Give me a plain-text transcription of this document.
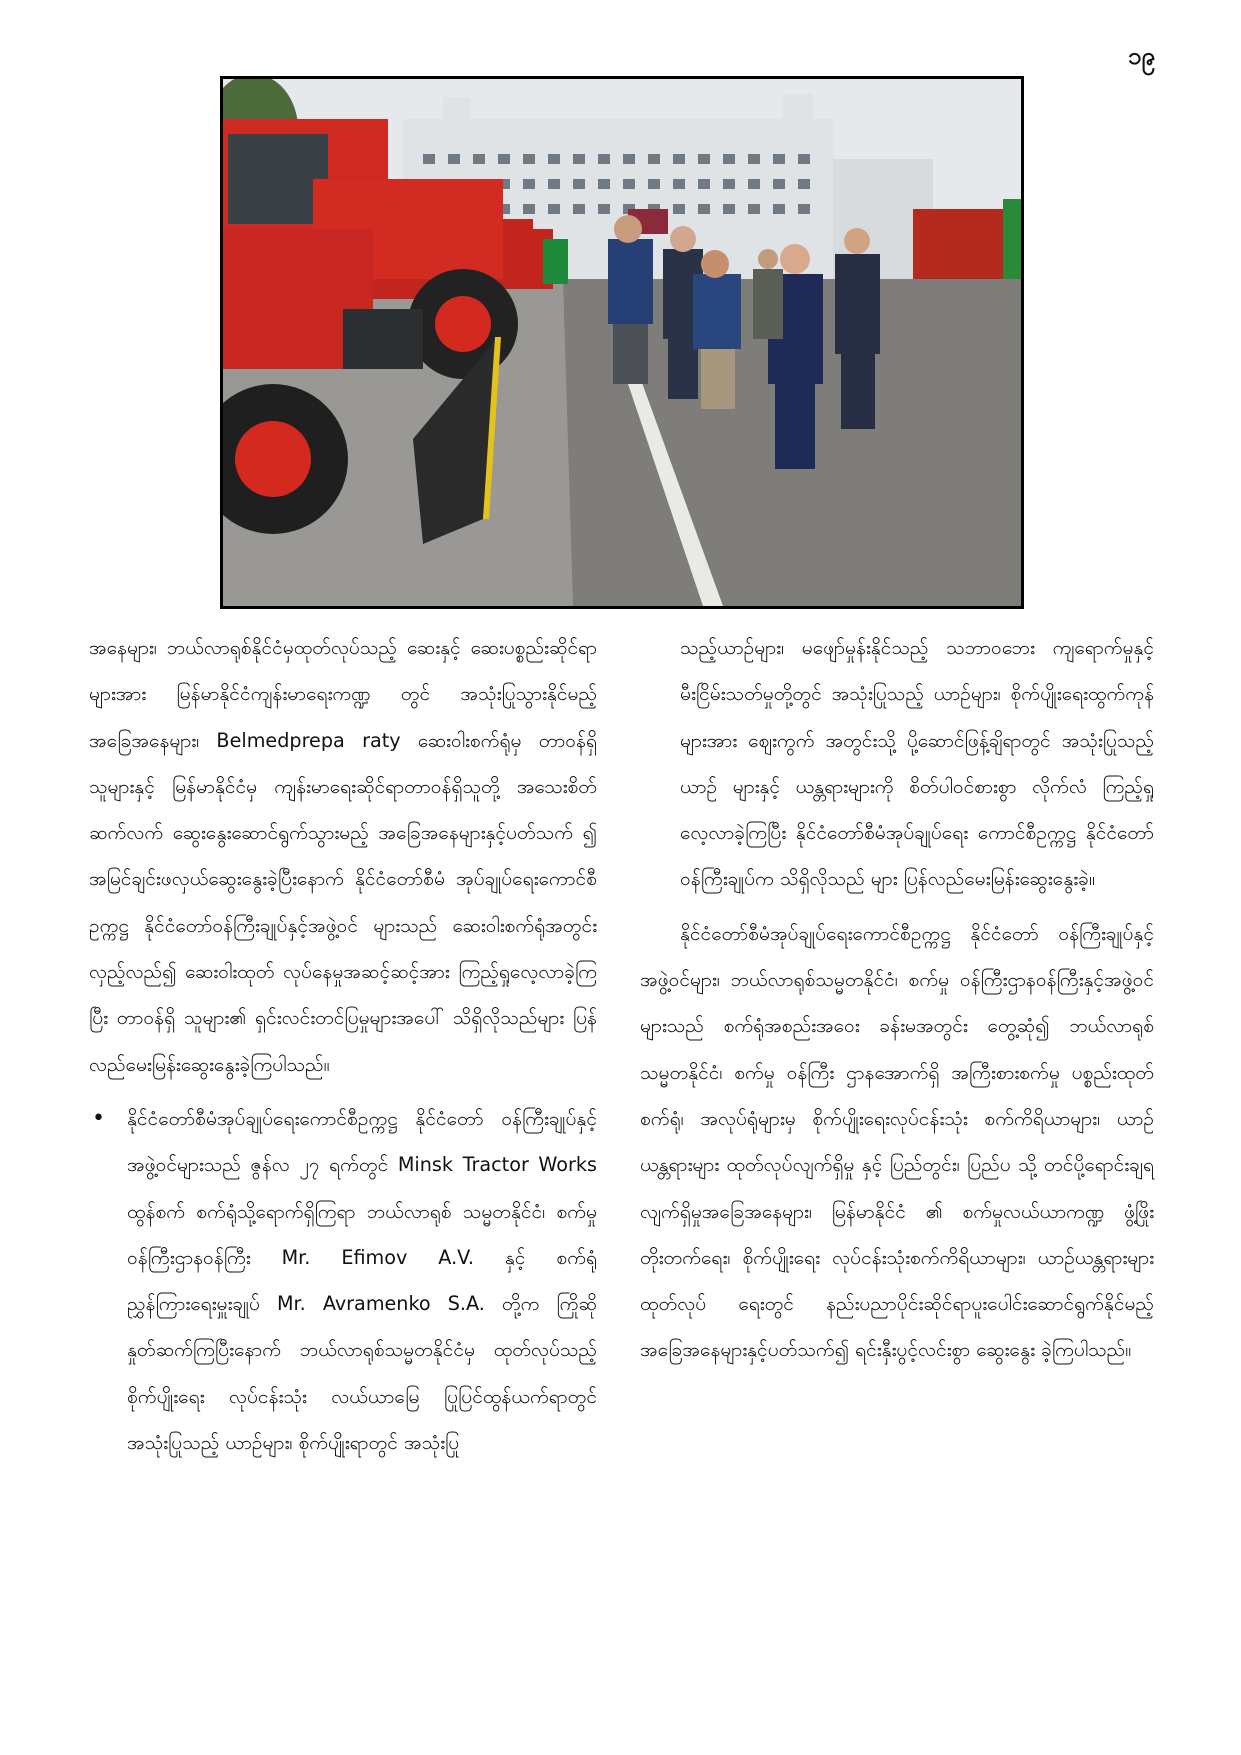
၁၉

အနေများ၊ ဘယ်လာရုစ်နိုင်ငံမှထုတ်လုပ်သည့် ဆေးနှင့် ဆေးပစ္စည်းဆိုင်ရာများအား မြန်မာနိုင်ငံကျန်းမာရေးကဏ္ဍ တွင် အသုံးပြုသွားနိုင်မည့်အခြေအနေများ၊ Belmedprepa raty ဆေးဝါးစက်ရုံမှ တာဝန်ရှိသူများနှင့် မြန်မာနိုင်ငံမှ ကျန်းမာရေးဆိုင်ရာတာဝန်ရှိသူတို့ အသေးစိတ်ဆက်လက် ဆွေးနွေးဆောင်ရွက်သွားမည့် အခြေအနေများနှင့်ပတ်သက် ၍ အမြင်ချင်းဖလှယ်ဆွေးနွေးခဲ့ပြီးနောက် နိုင်ငံတော်စီမံ အုပ်ချုပ်ရေးကောင်စီဥက္ကဋ္ဌ နိုင်ငံတော်ဝန်ကြီးချုပ်နှင့်အဖွဲ့ဝင် များသည် ဆေးဝါးစက်ရုံအတွင်း လှည့်လည်၍ ဆေးဝါးထုတ် လုပ်နေမှုအဆင့်ဆင့်အား ကြည့်ရှုလေ့လာခဲ့ကြပြီး တာဝန်ရှိ သူများ၏ ရှင်းလင်းတင်ပြမှုများအပေါ် သိရှိလိုသည်များ ပြန် လည်မေးမြန်းဆွေးနွေးခဲ့ကြပါသည်။

• နိုင်ငံတော်စီမံအုပ်ချုပ်ရေးကောင်စီဥက္ကဋ္ဌ နိုင်ငံတော် ဝန်ကြီးချုပ်နှင့်အဖွဲ့ဝင်များသည် ဇွန်လ ၂၇ ရက်တွင် Minsk Tractor Works ထွန်စက် စက်ရုံသို့ရောက်ရှိကြရာ ဘယ်လာရုစ် သမ္မတနိုင်ငံ၊ စက်မှုဝန်ကြီးဌာနဝန်ကြီး Mr. Efimov A.V. နှင့် စက်ရုံ ညွှန်ကြားရေးမှူးချုပ် Mr. Avramenko S.A. တို့က ကြိုဆိုနှုတ်ဆက်ကြပြီးနောက် ဘယ်လာရုစ်သမ္မတနိုင်ငံမှ ထုတ်လုပ်သည့် စိုက်ပျိုးရေး လုပ်ငန်းသုံး လယ်ယာမြေ ပြုပြင်ထွန်ယက်ရာတွင် အသုံးပြုသည့် ယာဉ်များ၊ စိုက်ပျိုးရာတွင် အသုံးပြု

သည့်ယာဉ်များ၊ မဖျော်မှုန်းနိုင်သည့် သဘာဝဘေး ကျရောက်မှုနှင့် မီးငြိမ်းသတ်မှုတို့တွင် အသုံးပြုသည့် ယာဉ်များ၊ စိုက်ပျိုးရေးထွက်ကုန်များအား ဈေးကွက် အတွင်းသို့ ပို့ဆောင်ဖြန့်ချိရာတွင် အသုံးပြုသည့်ယာဉ် များနှင့် ယန္တရားများကို စိတ်ပါဝင်စားစွာ လိုက်လံ ကြည့်ရှုလေ့လာခဲ့ကြပြီး နိုင်ငံတော်စီမံအုပ်ချုပ်ရေး ကောင်စီဥက္ကဋ္ဌ နိုင်ငံတော်ဝန်ကြီးချုပ်က သိရှိလိုသည် များ ပြန်လည်မေးမြန်းဆွေးနွေးခဲ့။

နိုင်ငံတော်စီမံအုပ်ချုပ်ရေးကောင်စီဥက္ကဋ္ဌ နိုင်ငံတော် ဝန်ကြီးချုပ်နှင့်အဖွဲ့ဝင်များ၊ ဘယ်လာရုစ်သမ္မတနိုင်ငံ၊ စက်မှု ဝန်ကြီးဌာနဝန်ကြီးနှင့်အဖွဲ့ဝင်များသည် စက်ရုံအစည်းအဝေး ခန်းမအတွင်း တွေ့ဆုံ၍ ဘယ်လာရုစ်သမ္မတနိုင်ငံ၊ စက်မှု ဝန်ကြီး ဌာနအောက်ရှိ အကြီးစားစက်မှု ပစ္စည်းထုတ်စက်ရုံ၊ အလုပ်ရုံများမှ စိုက်ပျိုးရေးလုပ်ငန်းသုံး စက်ကိရိယာများ၊ ယာဉ်ယန္တရားများ ထုတ်လုပ်လျက်ရှိမှု နှင့် ပြည်တွင်း၊ ပြည်ပ သို့ တင်ပို့ရောင်းချရလျက်ရှိမှုအခြေအနေများ၊ မြန်မာနိုင်ငံ ၏ စက်မှုလယ်ယာကဏ္ဍ ဖွံ့ဖြိုးတိုးတက်ရေး၊ စိုက်ပျိုးရေး လုပ်ငန်းသုံးစက်ကိရိယာများ၊ ယာဉ်ယန္တရားများ ထုတ်လုပ် ရေးတွင် နည်းပညာပိုင်းဆိုင်ရာပူးပေါင်းဆောင်ရွက်နိုင်မည့် အခြေအနေများနှင့်ပတ်သက်၍ ရင်းနှီးပွင့်လင်းစွာ ဆွေးနွေး ခဲ့ကြပါသည်။
